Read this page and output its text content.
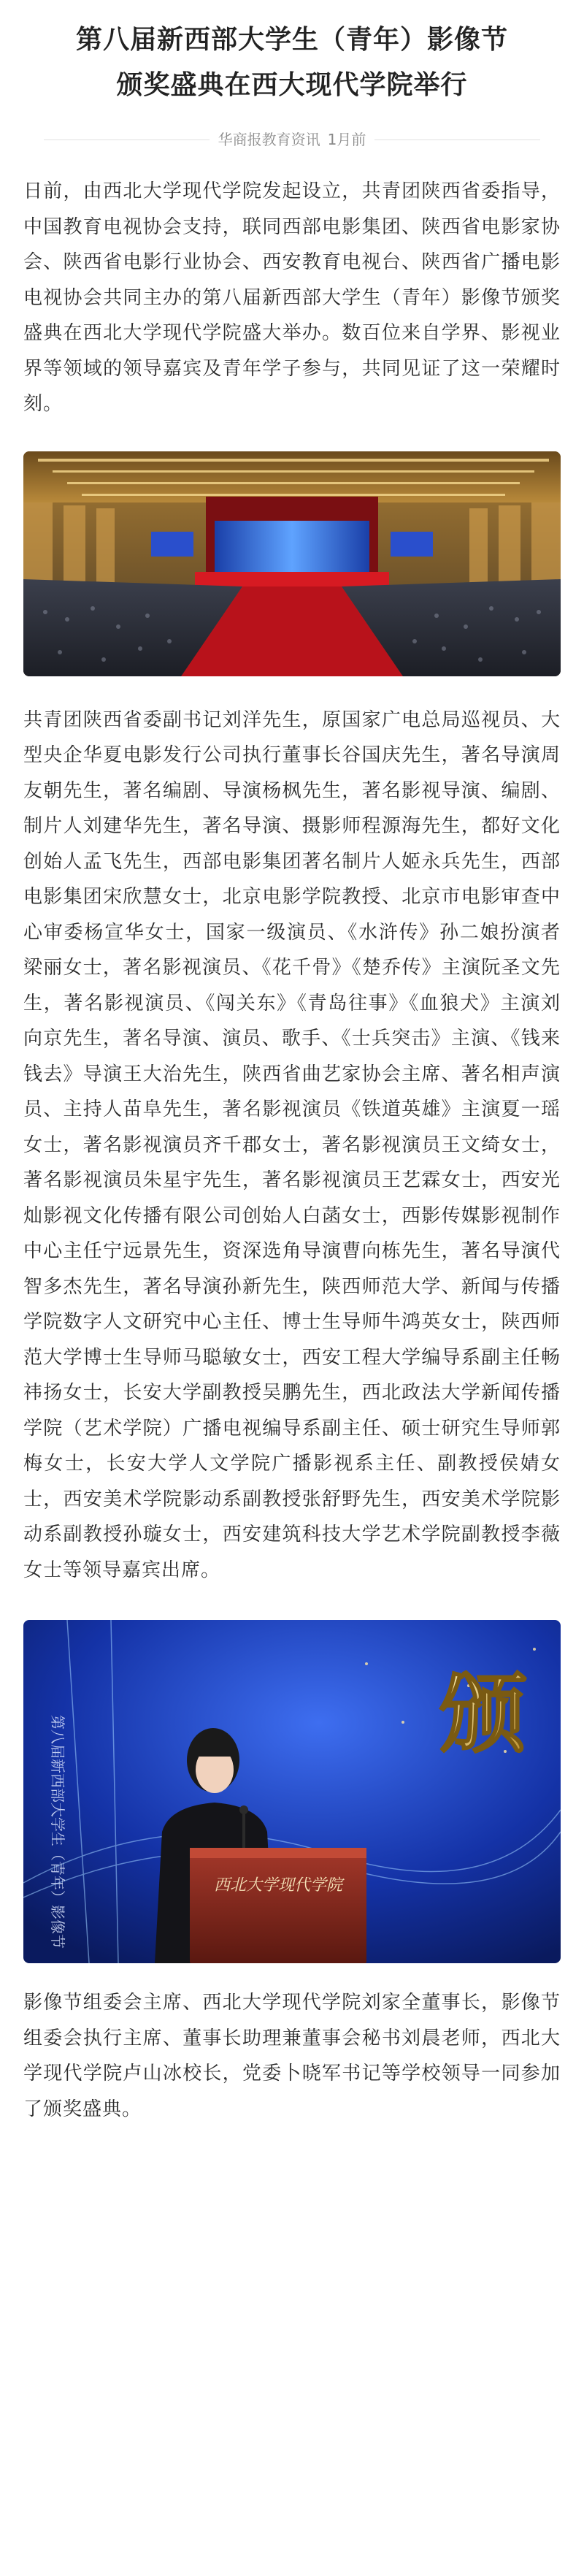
第八届新西部大学生（青年）影像节
颁奖盛典在西大现代学院举行
华商报教育资讯 1月前

日前，由西北大学现代学院发起设立，共青团陕西省委指导，中国教育电视协会支持，联同西部电影集团、陕西省电影家协会、陕西省电影行业协会、西安教育电视台、陕西省广播电影电视协会共同主办的第八届新西部大学生（青年）影像节颁奖盛典在西北大学现代学院盛大举办。数百位来自学界、影视业界等领域的领导嘉宾及青年学子参与，共同见证了这一荣耀时刻。

共青团陕西省委副书记刘洋先生，原国家广电总局巡视员、大型央企华夏电影发行公司执行董事长谷国庆先生，著名导演周友朝先生，著名编剧、导演杨枫先生，著名影视导演、编剧、制片人刘建华先生，著名导演、摄影师程源海先生，都好文化创始人孟飞先生，西部电影集团著名制片人姬永兵先生，西部电影集团宋欣慧女士，北京电影学院教授、北京市电影审查中心审委杨宣华女士，国家一级演员、《水浒传》孙二娘扮演者梁丽女士，著名影视演员、《花千骨》《楚乔传》主演阮圣文先生，著名影视演员、《闯关东》《青岛往事》《血狼犬》主演刘向京先生，著名导演、演员、歌手、《士兵突击》主演、《钱来钱去》导演王大治先生，陕西省曲艺家协会主席、著名相声演员、主持人苗阜先生，著名影视演员《铁道英雄》主演夏一瑶女士，著名影视演员齐千郡女士，著名影视演员王文绮女士，著名影视演员朱星宇先生，著名影视演员王艺霖女士，西安光灿影视文化传播有限公司创始人白菡女士，西影传媒影视制作中心主任宁远景先生，资深选角导演曹向栋先生，著名导演代智多杰先生，著名导演孙新先生，陕西师范大学、新闻与传播学院数字人文研究中心主任、博士生导师牛鸿英女士，陕西师范大学博士生导师马聪敏女士，西安工程大学编导系副主任畅祎扬女士，长安大学副教授吴鹏先生，西北政法大学新闻传播学院（艺术学院）广播电视编导系副主任、硕士研究生导师郭梅女士，长安大学人文学院广播影视系主任、副教授侯婧女士，西安美术学院影动系副教授张舒野先生，西安美术学院影动系副教授孙璇女士，西安建筑科技大学艺术学院副教授李薇女士等领导嘉宾出席。

颁
第八届新西部大学生（青年）影像节	西北大学现代学院

影像节组委会主席、西北大学现代学院刘家全董事长，影像节组委会执行主席、董事长助理兼董事会秘书刘晨老师，西北大学现代学院卢山冰校长，党委卜晓军书记等学校领导一同参加了颁奖盛典。
